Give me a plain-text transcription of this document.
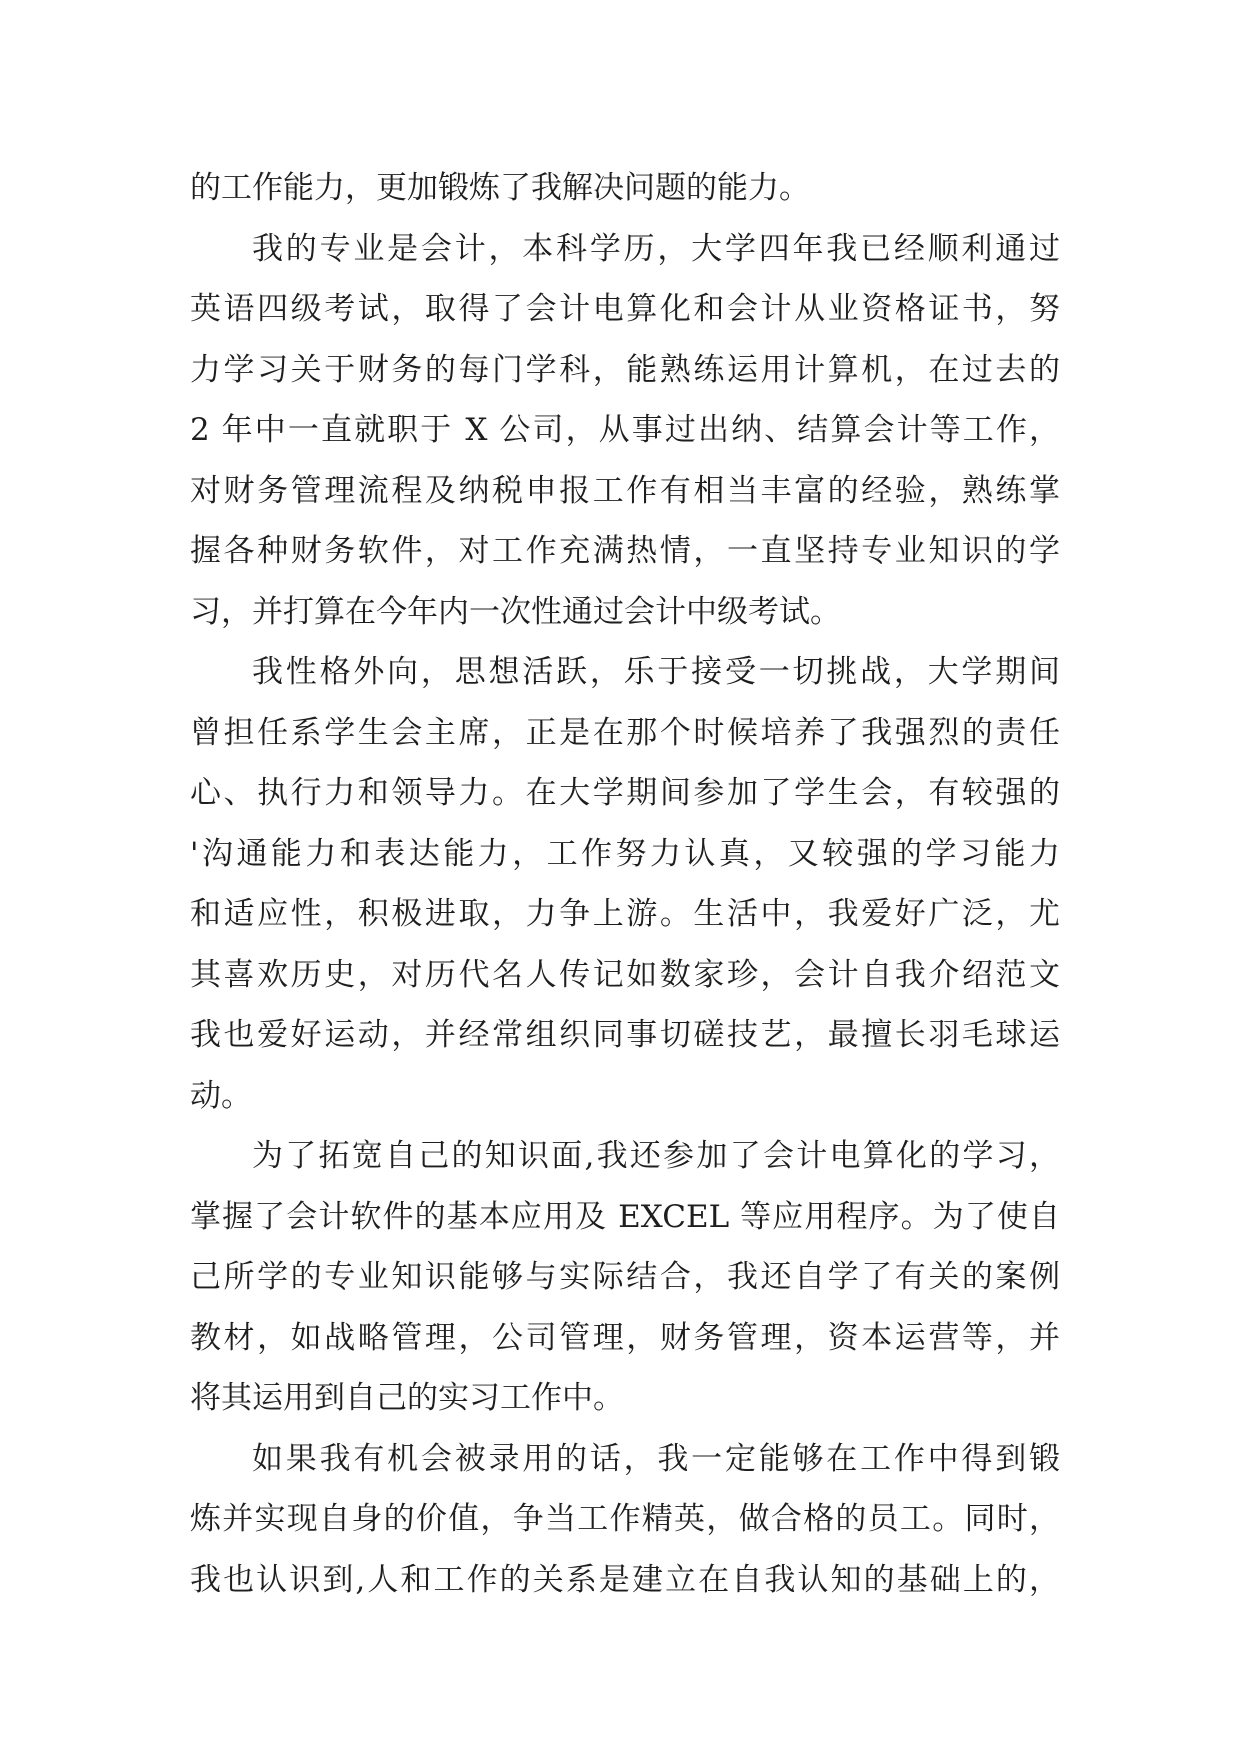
的工作能力，更加锻炼了我解决问题的能力。
我的专业是会计，本科学历，大学四年我已经顺利通过
英语四级考试，取得了会计电算化和会计从业资格证书，努
力学习关于财务的每门学科，能熟练运用计算机，在过去的
2 年中一直就职于 X 公司，从事过出纳、结算会计等工作，
对财务管理流程及纳税申报工作有相当丰富的经验，熟练掌
握各种财务软件，对工作充满热情，一直坚持专业知识的学
习，并打算在今年内一次性通过会计中级考试。
我性格外向，思想活跃，乐于接受一切挑战，大学期间
曾担任系学生会主席，正是在那个时候培养了我强烈的责任
心、执行力和领导力。在大学期间参加了学生会，有较强的
'沟通能力和表达能力，工作努力认真，又较强的学习能力
和适应性，积极进取，力争上游。生活中，我爱好广泛，尤
其喜欢历史，对历代名人传记如数家珍，会计自我介绍范文
我也爱好运动，并经常组织同事切磋技艺，最擅长羽毛球运
动。
为了拓宽自己的知识面,我还参加了会计电算化的学习，
掌握了会计软件的基本应用及 EXCEL 等应用程序。为了使自
己所学的专业知识能够与实际结合，我还自学了有关的案例
教材，如战略管理，公司管理，财务管理，资本运营等，并
将其运用到自己的实习工作中。
如果我有机会被录用的话，我一定能够在工作中得到锻
炼并实现自身的价值，争当工作精英，做合格的员工。同时，
我也认识到,人和工作的关系是建立在自我认知的基础上的，
